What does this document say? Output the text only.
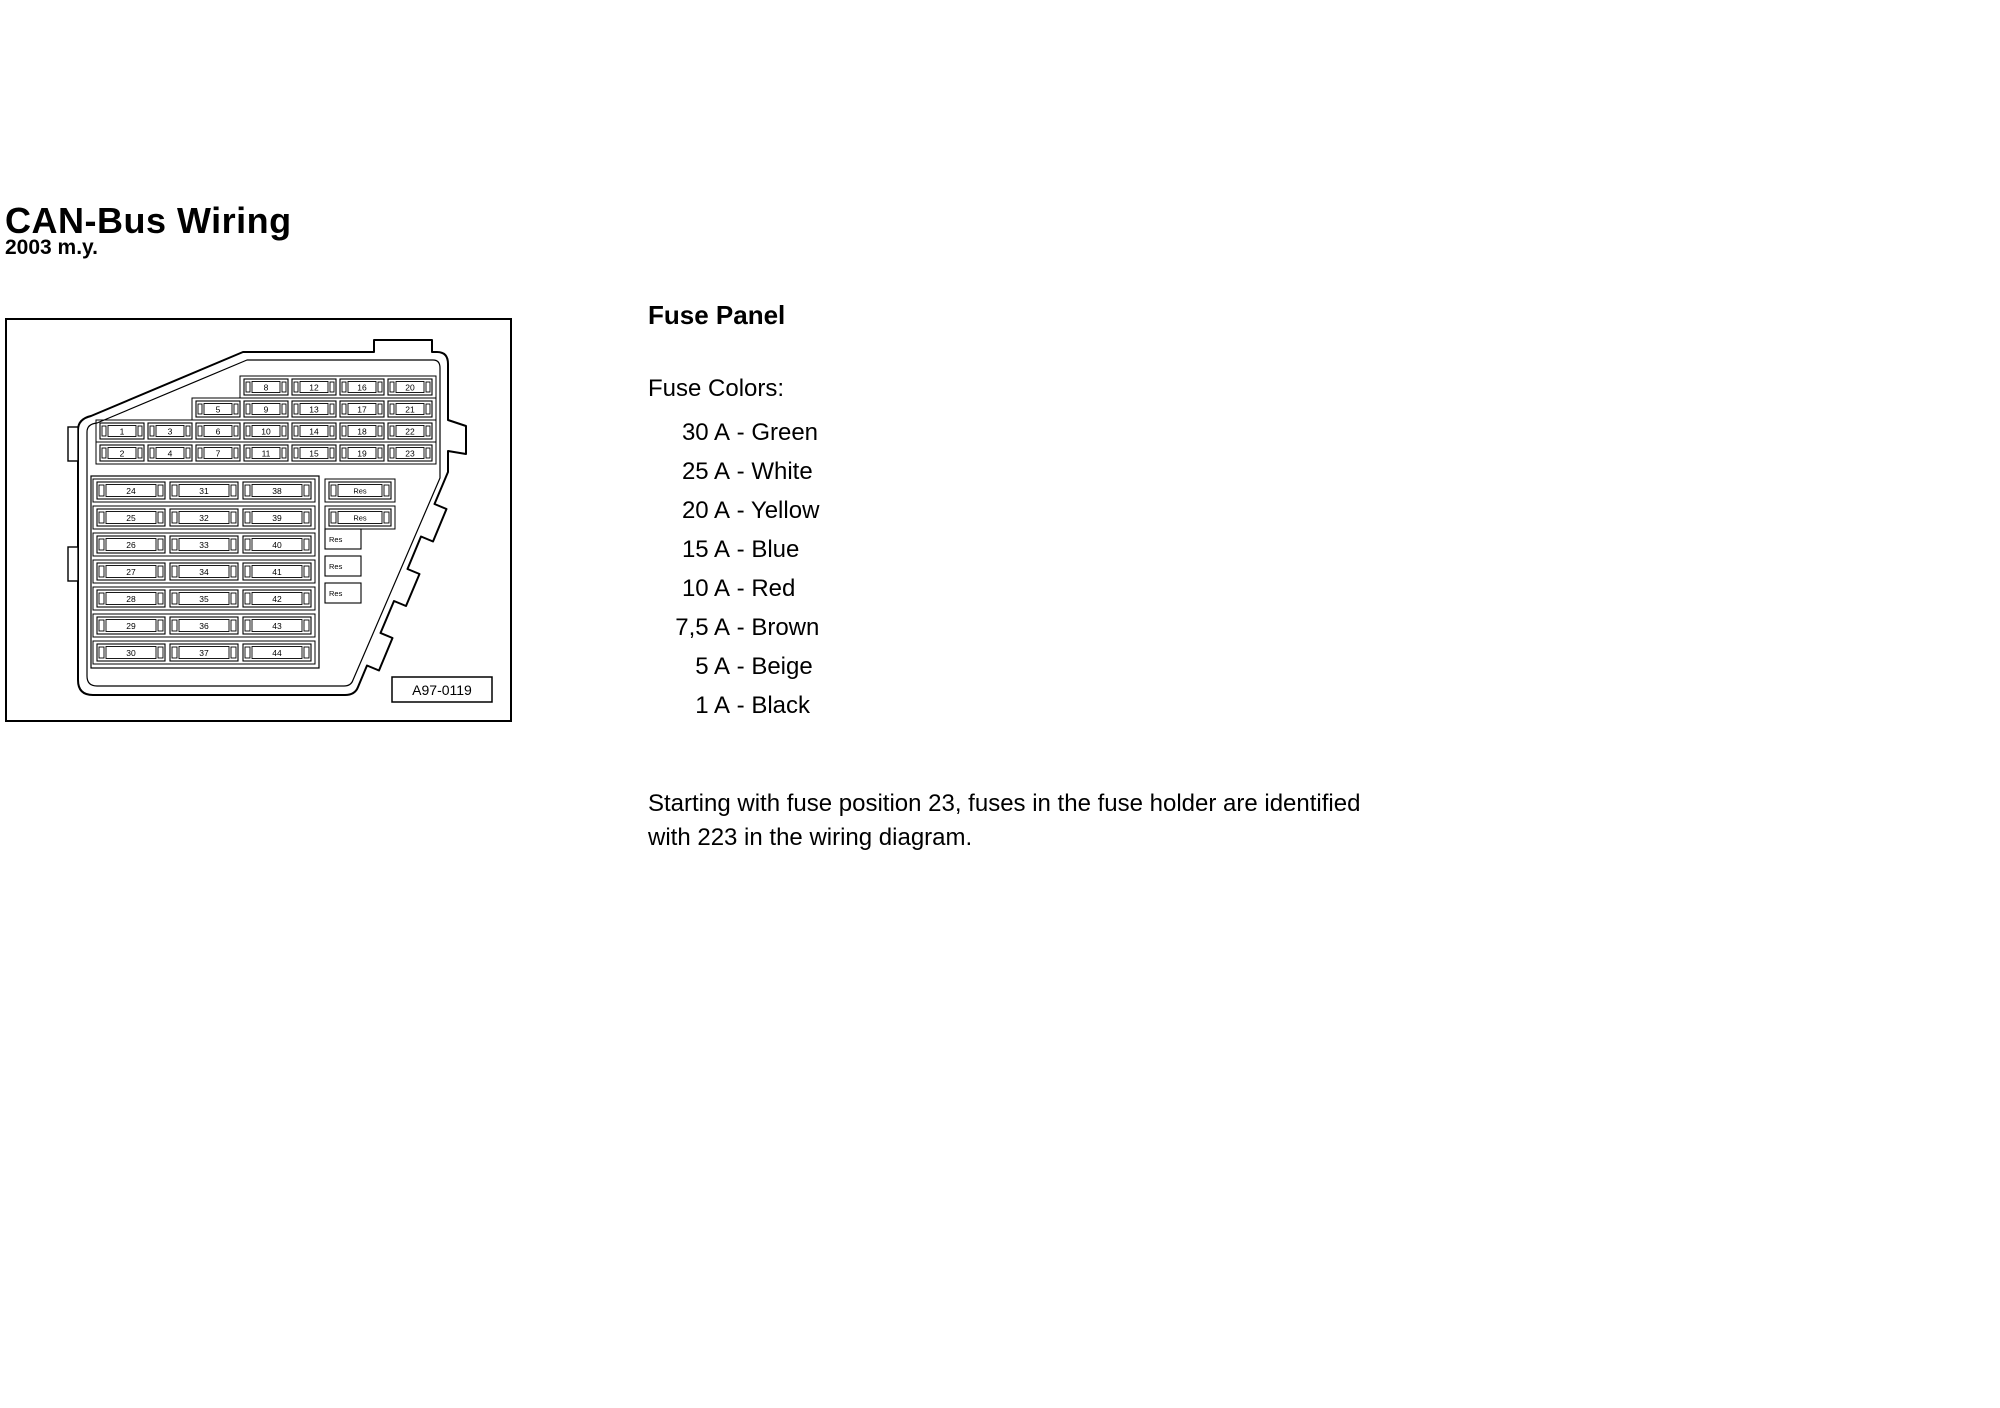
CAN-Bus Wiring
2003 m.y.
8	12	16	20
5	9	13	17	21
1	3	6	10	14	18	22
2	4	7	11	15	19	23
24	31	38
25	32	39
26	33	40
27	34	41
28	35	42
29	36	43
30	37	44
Res
Res
Res
Res
Res
A97-0119
Fuse Panel
Fuse Colors:
30 A - Green
25 A - White
20 A - Yellow
15 A - Blue
10 A - Red
7,5 A - Brown
5 A - Beige
1 A - Black

Starting with fuse position 23, fuses in the fuse holder are identified with 223 in the wiring diagram.
